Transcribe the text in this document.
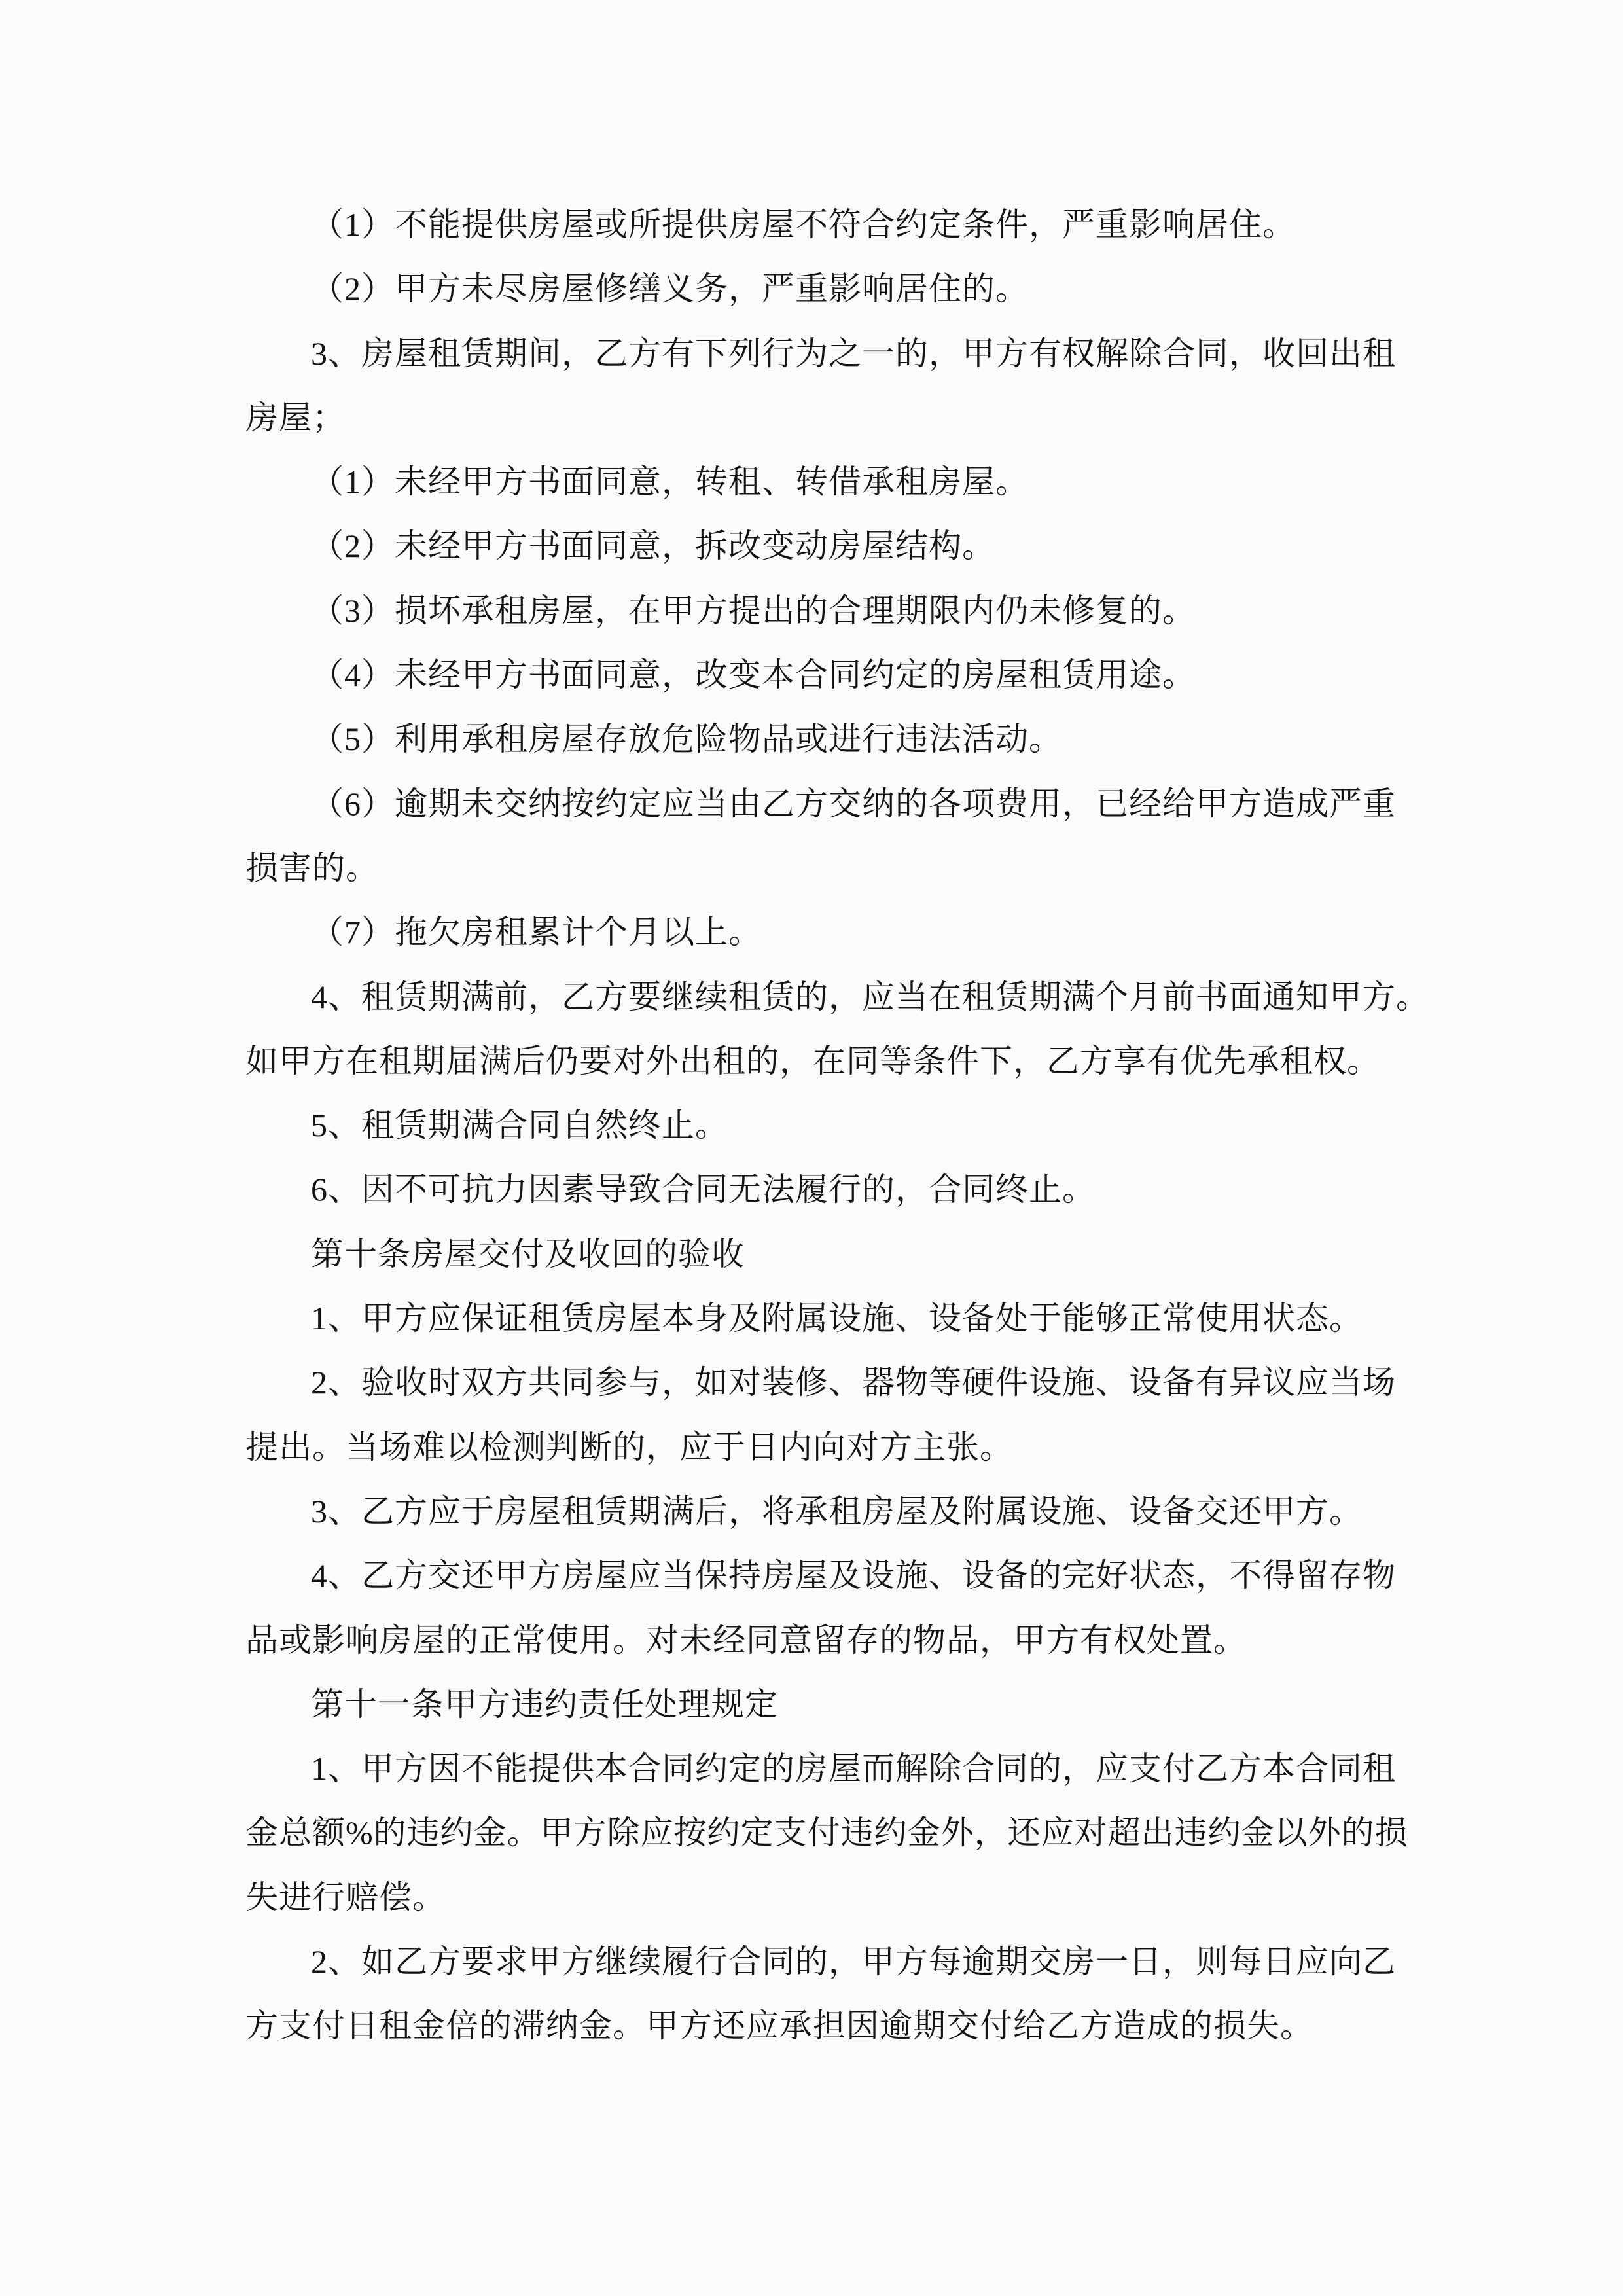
（1）不能提供房屋或所提供房屋不符合约定条件，严重影响居住。
（2）甲方未尽房屋修缮义务，严重影响居住的。
3、房屋租赁期间，乙方有下列行为之一的，甲方有权解除合同，收回出租
房屋；
（1）未经甲方书面同意，转租、转借承租房屋。
（2）未经甲方书面同意，拆改变动房屋结构。
（3）损坏承租房屋，在甲方提出的合理期限内仍未修复的。
（4）未经甲方书面同意，改变本合同约定的房屋租赁用途。
（5）利用承租房屋存放危险物品或进行违法活动。
（6）逾期未交纳按约定应当由乙方交纳的各项费用，已经给甲方造成严重
损害的。
（7）拖欠房租累计个月以上。
4、租赁期满前，乙方要继续租赁的，应当在租赁期满个月前书面通知甲方。
如甲方在租期届满后仍要对外出租的，在同等条件下，乙方享有优先承租权。
5、租赁期满合同自然终止。
6、因不可抗力因素导致合同无法履行的，合同终止。
第十条房屋交付及收回的验收
1、甲方应保证租赁房屋本身及附属设施、设备处于能够正常使用状态。
2、验收时双方共同参与，如对装修、器物等硬件设施、设备有异议应当场
提出。当场难以检测判断的，应于日内向对方主张。
3、乙方应于房屋租赁期满后，将承租房屋及附属设施、设备交还甲方。
4、乙方交还甲方房屋应当保持房屋及设施、设备的完好状态，不得留存物
品或影响房屋的正常使用。对未经同意留存的物品，甲方有权处置。
第十一条甲方违约责任处理规定
1、甲方因不能提供本合同约定的房屋而解除合同的，应支付乙方本合同租
金总额%的违约金。甲方除应按约定支付违约金外，还应对超出违约金以外的损
失进行赔偿。
2、如乙方要求甲方继续履行合同的，甲方每逾期交房一日，则每日应向乙
方支付日租金倍的滞纳金。甲方还应承担因逾期交付给乙方造成的损失。
